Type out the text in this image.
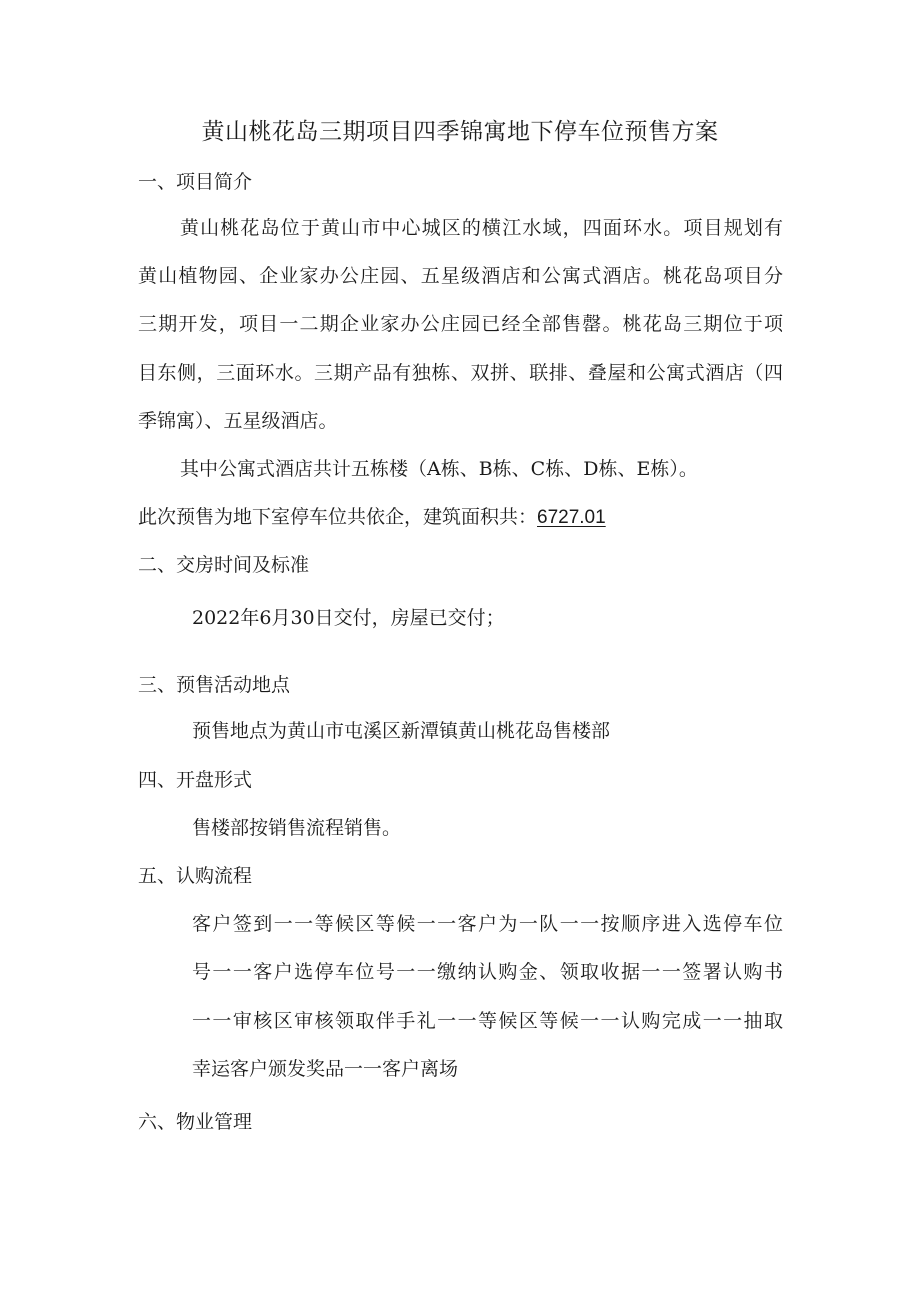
黄山桃花岛三期项目四季锦寓地下停车位预售方案

一、项目简介

黄山桃花岛位于黄山市中心城区的横江水域，四面环水。项目规划有

黄山植物园、企业家办公庄园、五星级酒店和公寓式酒店。桃花岛项目分

三期开发，项目一二期企业家办公庄园已经全部售罄。桃花岛三期位于项

目东侧，三面环水。三期产品有独栋、双拼、联排、叠屋和公寓式酒店（四

季锦寓）、五星级酒店。

其中公寓式酒店共计五栋楼（A栋、B栋、C栋、D栋、E栋）。

此次预售为地下室停车位共依企，建筑面积共：6727.01

二、交房时间及标准

2022年6月30日交付，房屋已交付；

三、预售活动地点

预售地点为黄山市屯溪区新潭镇黄山桃花岛售楼部

四、开盘形式

售楼部按销售流程销售。

五、认购流程

客户签到一一等候区等候一一客户为一队一一按顺序进入选停车位

号一一客户选停车位号一一缴纳认购金、领取收据一一签署认购书

一一审核区审核领取伴手礼一一等候区等候一一认购完成一一抽取

幸运客户颁发奖品一一客户离场

六、物业管理
